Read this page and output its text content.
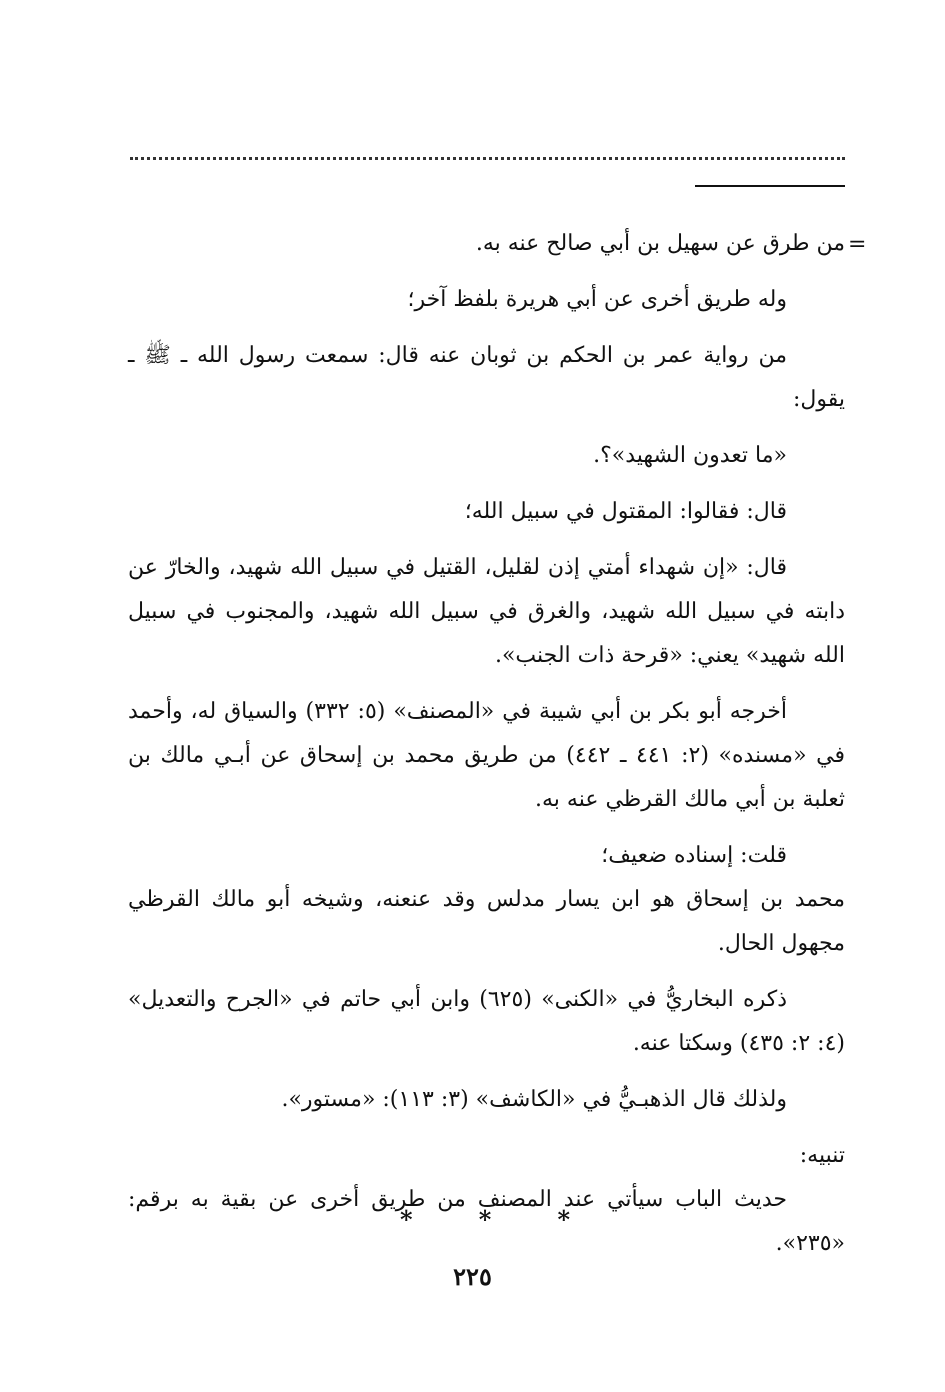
=

من طرق عن سهيل بن أبي صالح عنه به.

وله طريق أخرى عن أبي هريرة بلفظ آخر؛

من رواية عمر بن الحكم بن ثوبان عنه قال: سمعت رسول الله ـ ﷺ ـ يقول:

«ما تعدون الشهيد»؟.

قال: فقالوا: المقتول في سبيل الله؛

قال: «إن شهداء أمتي إذن لقليل، القتيل في سبيل الله شهيد، والخارّ عن دابته في سبيل الله شهيد، والغرق في سبيل الله شهيد، والمجنوب في سبيل الله شهيد» يعني: «قرحة ذات الجنب».

أخرجه أبو بكر بن أبي شيبة في «المصنف» (٥: ٣٣٢) والسياق له، وأحمد في «مسنده» (٢: ٤٤١ ـ ٤٤٢) من طريق محمد بن إسحاق عن أبـي مالك بن ثعلبة بن أبي مالك القرظي عنه به.

قلت: إسناده ضعيف؛

محمد بن إسحاق هو ابن يسار مدلس وقد عنعنه، وشيخه أبو مالك القرظي مجهول الحال.

ذكره البخاريُّ في «الكنى» (٦٢٥) وابن أبي حاتم في «الجرح والتعديل» (٤: ٢: ٤٣٥) وسكتا عنه.

ولذلك قال الذهبـيُّ في «الكاشف» (٣: ١١٣): «مستور».

تنبيه:

حديث الباب سيأتي عند المصنف من طريق أخرى عن بقية به برقم: «٢٣٥».

*	*	*
٢٢٥
